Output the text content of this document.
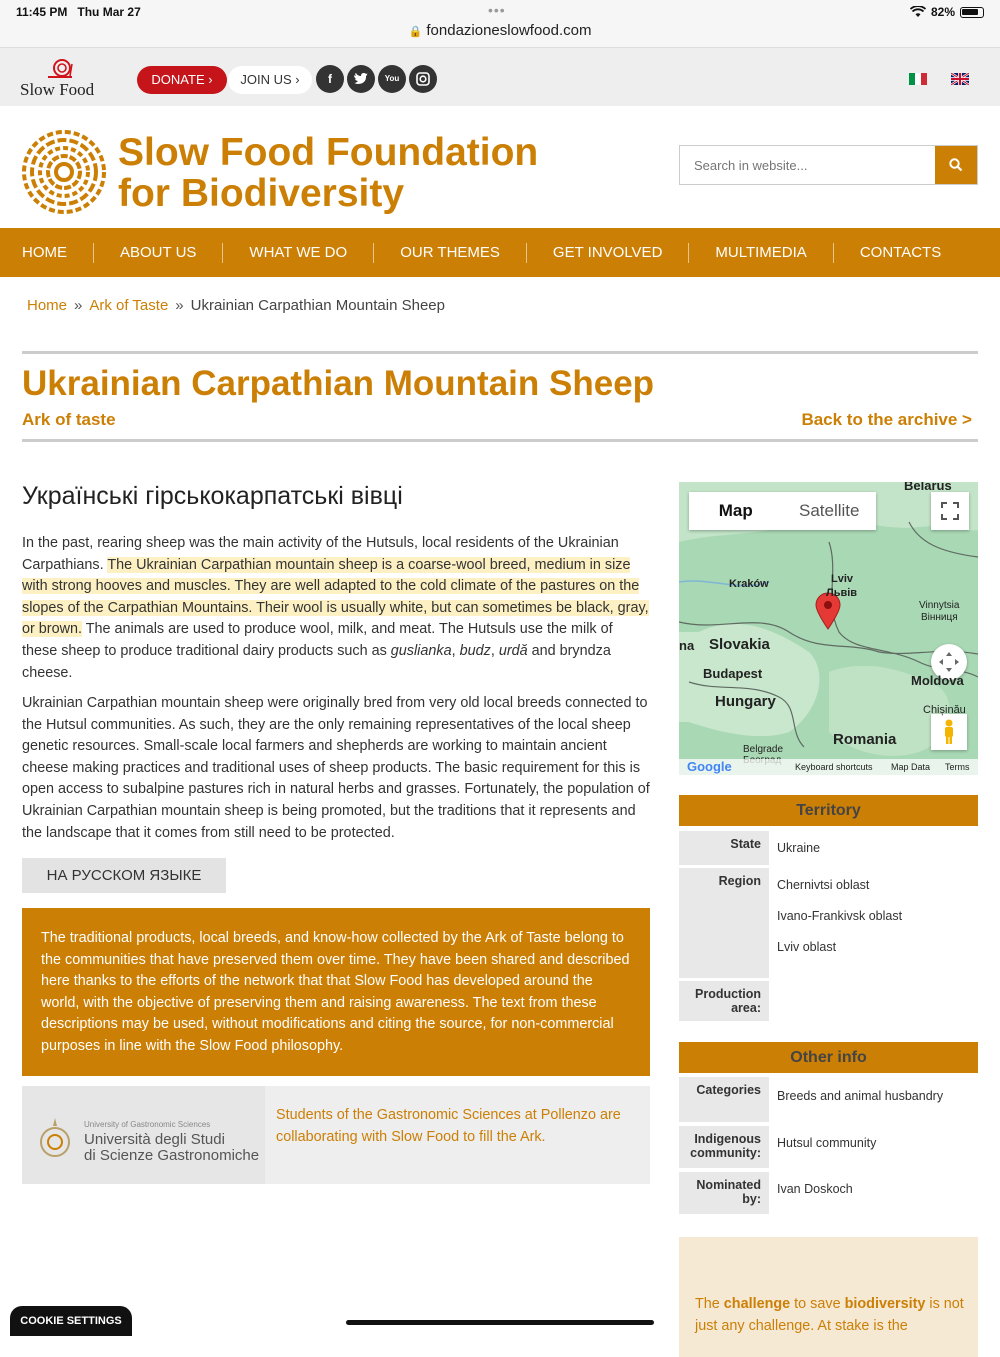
11:45 PM Thu Mar 27	•••
🔒 fondazioneslowfood.com
82%
Slow Food
DONATE ›	JOIN US ›	f	You
Slow Food Foundation
for Biodiversity
Search in website...
HOME	ABOUT US	WHAT WE DO	OUR THEMES	GET INVOLVED	MULTIMEDIA	CONTACTS
Home » Ark of Taste » Ukrainian Carpathian Mountain Sheep
Ukrainian Carpathian Mountain Sheep
Ark of taste	Back to the archive >
Українські гірськокарпатські вівці

In the past, rearing sheep was the main activity of the Hutsuls, local residents of the Ukrainian Carpathians. The Ukrainian Carpathian mountain sheep is a coarse-wool breed, medium in size with strong hooves and muscles. They are well adapted to the cold climate of the pastures on the slopes of the Carpathian Mountains. Their wool is usually white, but can sometimes be black, gray, or brown. The animals are used to produce wool, milk, and meat. The Hutsuls use the milk of these sheep to produce traditional dairy products such as guslianka, budz, urdă and bryndza cheese.

Ukrainian Carpathian mountain sheep were originally bred from very old local breeds connected to the Hutsul communities. As such, they are the only remaining representatives of the local sheep genetic resources. Small-scale local farmers and shepherds are working to maintain ancient cheese making practices and traditional uses of sheep products. The basic requirement for this is open access to subalpine pastures rich in natural herbs and grasses. Fortunately, the population of Ukrainian Carpathian mountain sheep is being promoted, but the traditions that it represents and the landscape that it comes from still need to be protected.

НА РУССКОМ ЯЗЫКЕ
The traditional products, local breeds, and know-how collected by the Ark of Taste belong to the communities that have preserved them over time. They have been shared and described here thanks to the efforts of the network that that Slow Food has developed around the world, with the objective of preserving them and raising awareness. The text from these descriptions may be used, without modifications and citing the source, for non-commercial purposes in line with the Slow Food philosophy.
University of Gastronomic Sciences
Università degli Studi
di Scienze Gastronomiche
Students of the Gastronomic Sciences at Pollenzo are collaborating with Slow Food to fill the Ark.
Map	Satellite
Belarus
Kraków	Lviv
Львів
Vinnytsia
Вінниця
na Slovakia
Budapest
Hungary
Moldova
Chișinău
Romania
Belgrade
Google	Keyboard shortcuts Map Data Terms
Territory
State	Ukraine
Region	Chernivtsi oblast
Ivano-Frankivsk oblast
Lviv oblast
Production area:
Other info
Categories	Breeds and animal husbandry
Indigenous community:
Hutsul community
Nominated by:
Ivan Doskoch
The challenge to save biodiversity is not just any challenge. At stake is the
COOKIE SETTINGS
